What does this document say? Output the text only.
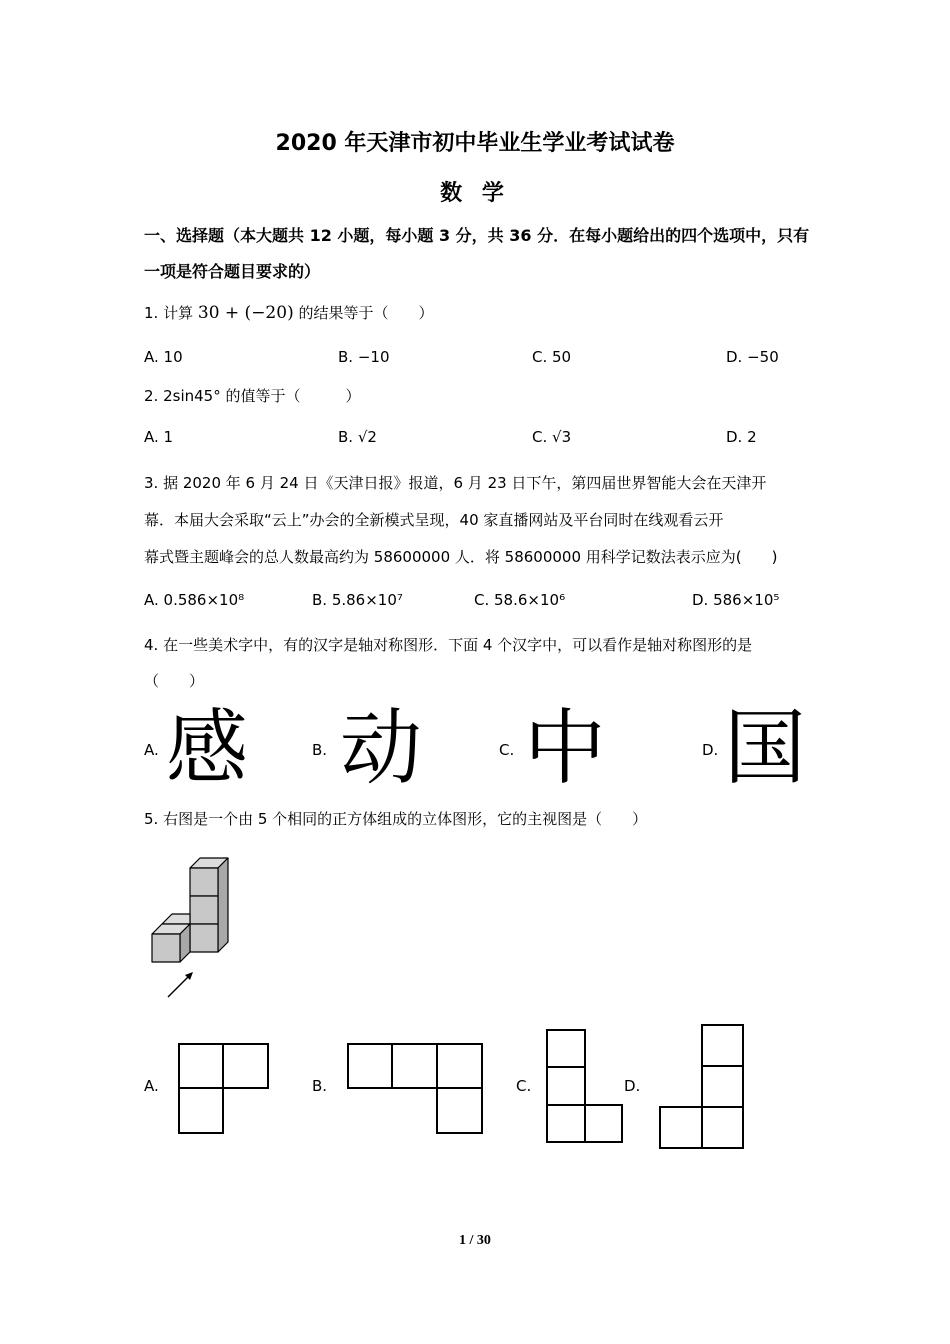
2020 年天津市初中毕业生学业考试试卷
数 学
一、选择题（本大题共 12 小题，每小题 3 分，共 36 分．在每小题给出的四个选项中，只有一项是符合题目要求的）
1. 计算 30 + (−20) 的结果等于（　　）
A. 10	B. −10	C. 50	D. −50
2. 2sin45° 的值等于（　　　）
A. 1	B. √2	C. √3	D. 2
3. 据 2020 年 6 月 24 日《天津日报》报道，6 月 23 日下午，第四届世界智能大会在天津开
幕．本届大会采取“云上”办会的全新模式呈现，40 家直播网站及平台同时在线观看云开
幕式暨主题峰会的总人数最高约为 58600000 人．将 58600000 用科学记数法表示应为(　　)
A. 0.586×10⁸	B. 5.86×10⁷	C. 58.6×10⁶	D. 586×10⁵
4. 在一些美术字中，有的汉字是轴对称图形．下面 4 个汉字中，可以看作是轴对称图形的是
（　　）
A. 感	B. 动	C. 中	D. 国
5. 右图是一个由 5 个相同的正方体组成的立体图形，它的主视图是（　　）
A.	B.	C.	D.
1 / 30
